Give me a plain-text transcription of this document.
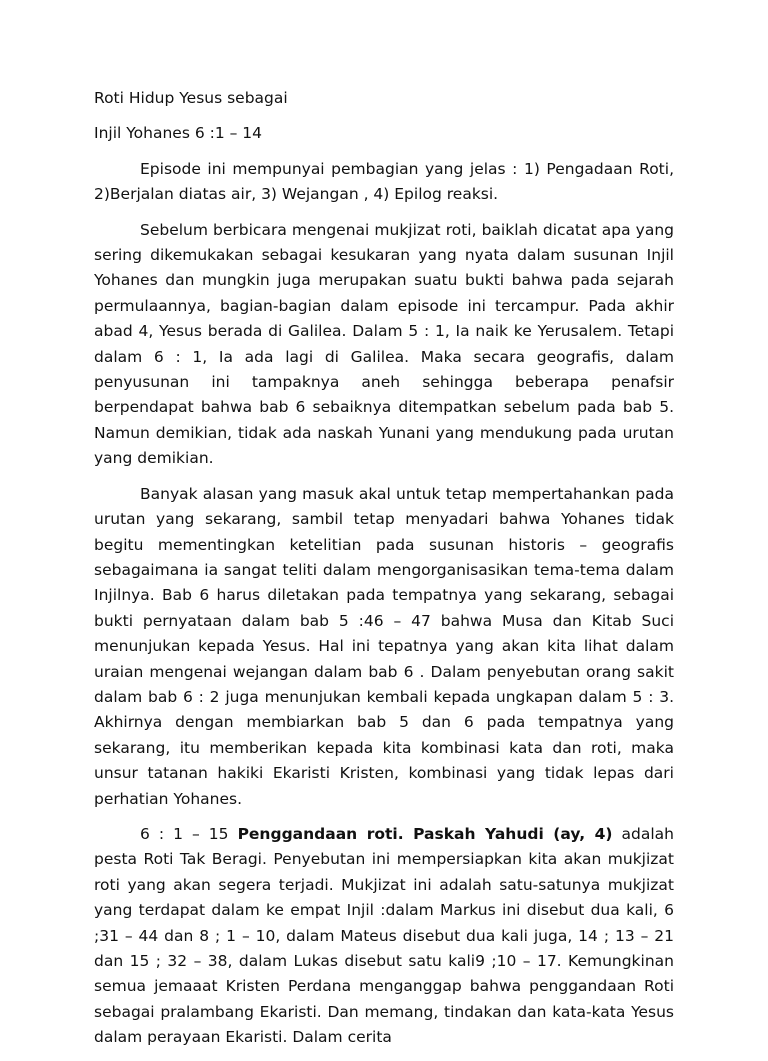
Roti Hidup Yesus sebagai

Injil Yohanes 6 :1 – 14

Episode ini mempunyai pembagian yang jelas : 1) Pengadaan Roti, 2)Berjalan diatas air, 3) Wejangan , 4) Epilog reaksi.

Sebelum berbicara mengenai mukjizat roti, baiklah dicatat apa yang sering dikemukakan sebagai kesukaran yang nyata dalam susunan Injil Yohanes dan mungkin juga merupakan suatu bukti bahwa pada sejarah permulaannya, bagian-bagian dalam episode ini tercampur. Pada akhir abad 4, Yesus berada di Galilea. Dalam 5 : 1, Ia naik ke Yerusalem. Tetapi dalam 6 : 1, Ia ada lagi di Galilea. Maka secara geografis, dalam penyusunan ini tampaknya aneh sehingga beberapa penafsir berpendapat bahwa bab 6 sebaiknya ditempatkan sebelum pada bab 5. Namun demikian, tidak ada naskah Yunani yang mendukung pada urutan yang demikian.

Banyak alasan yang masuk akal untuk tetap mempertahankan pada urutan yang sekarang, sambil tetap menyadari bahwa Yohanes tidak begitu mementingkan ketelitian pada susunan historis – geografis sebagaimana ia sangat teliti dalam mengorganisasikan tema-tema dalam Injilnya. Bab 6 harus diletakan pada tempatnya yang sekarang, sebagai bukti pernyataan dalam bab 5 :46 – 47 bahwa Musa dan Kitab Suci menunjukan kepada Yesus. Hal ini tepatnya yang akan kita lihat dalam uraian mengenai wejangan dalam bab 6 . Dalam penyebutan orang sakit dalam bab 6 : 2 juga menunjukan kembali kepada ungkapan dalam 5 : 3. Akhirnya dengan membiarkan bab 5 dan 6 pada tempatnya yang sekarang, itu memberikan kepada kita kombinasi kata dan roti, maka unsur tatanan hakiki Ekaristi Kristen, kombinasi yang tidak lepas dari perhatian Yohanes.

6 : 1 – 15 Penggandaan roti. Paskah Yahudi (ay, 4) adalah pesta Roti Tak Beragi. Penyebutan ini mempersiapkan kita akan mukjizat roti yang akan segera terjadi. Mukjizat ini adalah satu-satunya mukjizat yang terdapat dalam ke empat Injil :dalam Markus ini disebut dua kali, 6 ;31 – 44 dan 8 ; 1 – 10, dalam Mateus disebut dua kali juga, 14 ; 13 – 21 dan 15 ; 32 – 38, dalam Lukas disebut satu kali9 ;10 – 17. Kemungkinan semua jemaaat Kristen Perdana menganggap bahwa penggandaan Roti sebagai pralambang Ekaristi. Dan memang, tindakan dan kata-kata Yesus dalam perayaan Ekaristi. Dalam cerita
